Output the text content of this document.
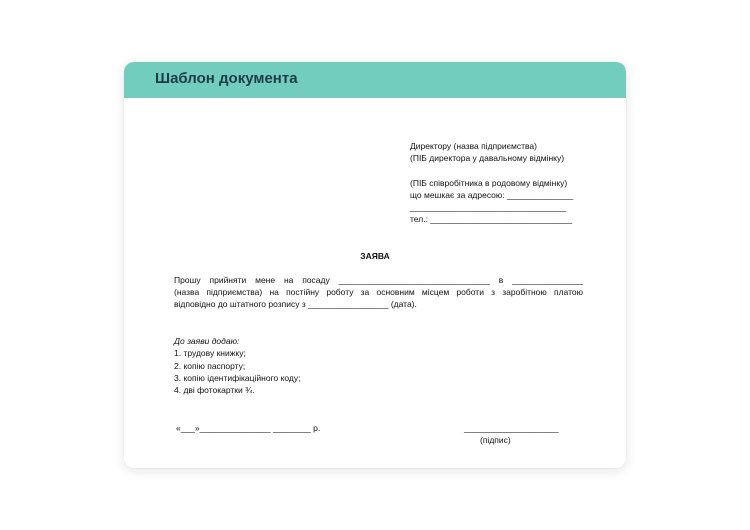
Шаблон документа
Директору (назва підприємства)
(ПІБ директора у давальному відмінку)
(ПІБ співробітника в родовому відмінку)
що мешкає за адресою: ______________
_________________________________
тел.: ______________________________
ЗАЯВА
Прошу прийняти мене на посаду ________________________________ в _______________
(назва підприємства) на постійну роботу за основним місцем роботи з заробітною платою
відповідно до штатного розпису з _________________ (дата).
До заяви додаю:
1. трудову книжку;
2. копію паспорту;
3. копію ідентифікаційного коду;
4. дві фотокартки ¾.
«___»_______________ ________ р.	____________________
(підпис)
